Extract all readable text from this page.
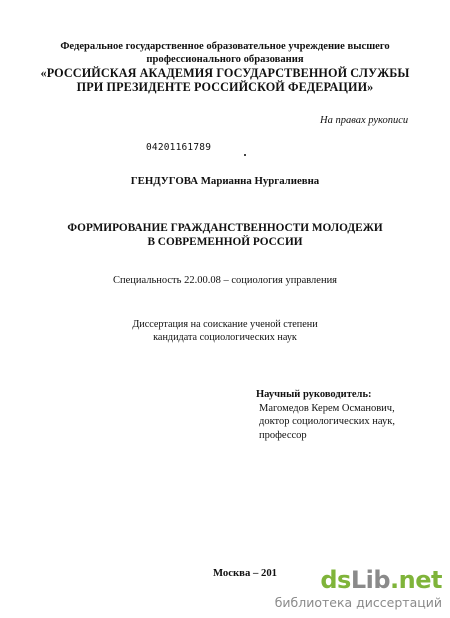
Федеральное государственное образовательное учреждение высшего
профессионального образования
«РОССИЙСКАЯ АКАДЕМИЯ ГОСУДАРСТВЕННОЙ СЛУЖБЫ
ПРИ ПРЕЗИДЕНТЕ РОССИЙСКОЙ ФЕДЕРАЦИИ»
На правах рукописи
04201161789
ГЕНДУГОВА Марианна Нургалиевна
ФОРМИРОВАНИЕ ГРАЖДАНСТВЕННОСТИ МОЛОДЕЖИ
В СОВРЕМЕННОЙ РОССИИ
Специальность 22.00.08 – социология управления
Диссертация на соискание ученой степени
кандидата социологических наук
Научный руководитель:
Магомедов Керем Османович,
доктор социологических наук,
профессор
Москва – 201	dsLib.net
библиотека диссертаций
